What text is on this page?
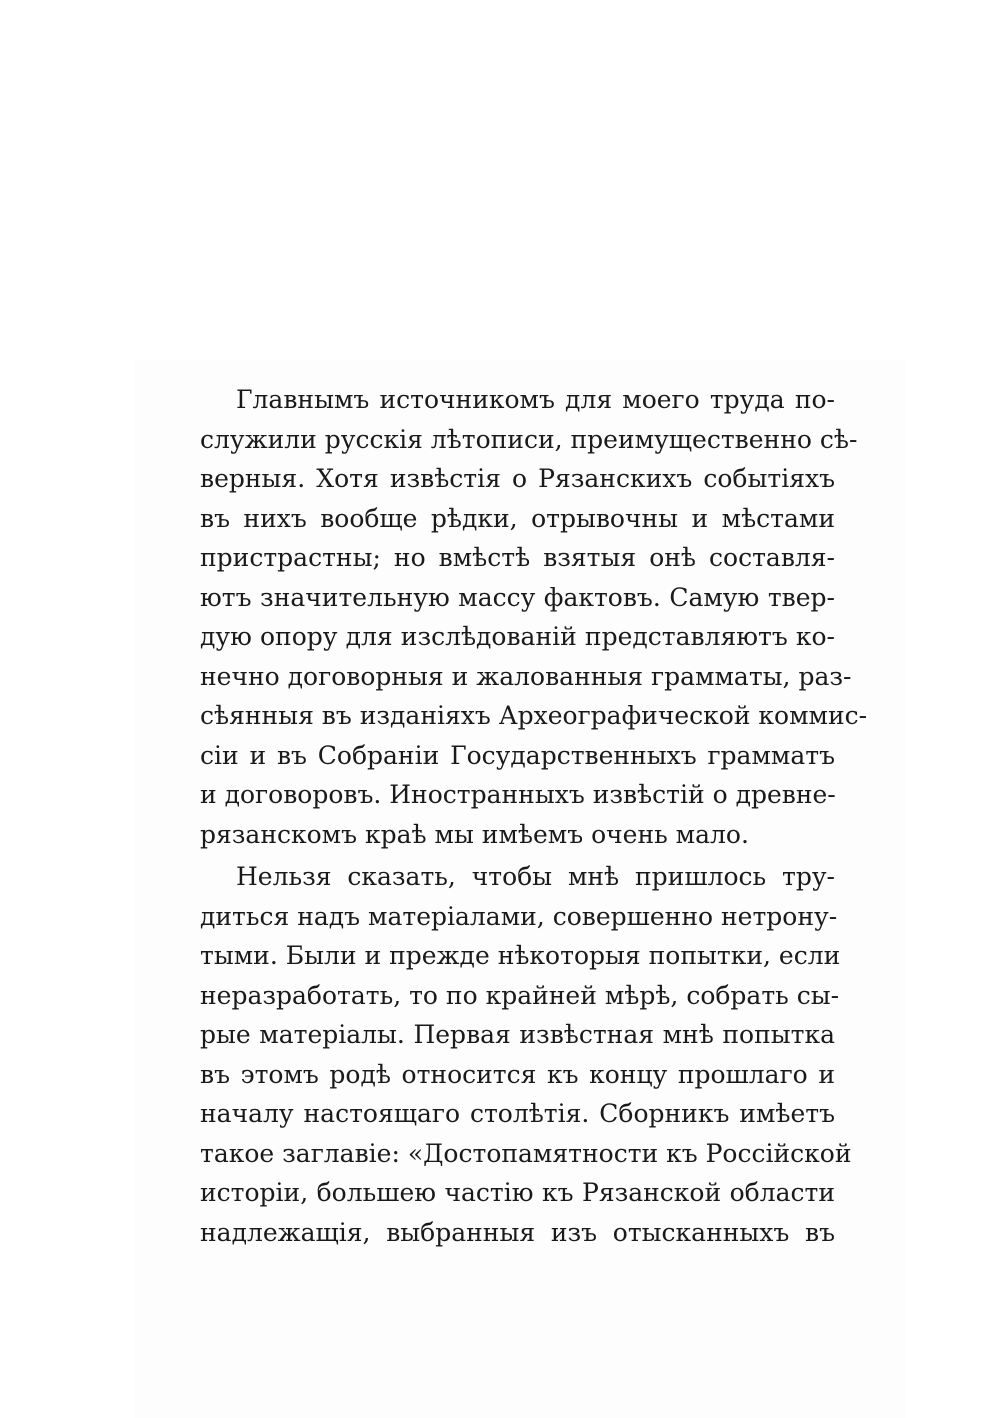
Главнымъ источникомъ для моего труда по-
служили русскія лѣтописи, преимущественно сѣ-
верныя. Хотя извѣстія о Рязанскихъ событіяхъ
въ нихъ вообще рѣдки, отрывочны и мѣстами
пристрастны; но вмѣстѣ взятыя онѣ составля-
ютъ значительную массу фактовъ. Самую твер-
дую опору для изслѣдованій представляютъ ко-
нечно договорныя и жалованныя грамматы, раз-
сѣянныя въ изданіяхъ Археографической коммис-
сіи и въ Собраніи Государственныхъ грамматъ
и договоровъ. Иностранныхъ извѣстій о древне-
рязанскомъ краѣ мы имѣемъ очень мало.

Нельзя сказать, чтобы мнѣ пришлось тру-
диться надъ матеріалами, совершенно нетрону-
тыми. Были и прежде нѣкоторыя попытки, если
неразработать, то по крайней мѣрѣ, собрать сы-
рые матеріалы. Первая извѣстная мнѣ попытка
въ этомъ родѣ относится къ концу прошлаго и
началу настоящаго столѣтія. Сборникъ имѣетъ
такое заглавіе: «Достопамятности къ Россійской
исторіи, большею частію къ Рязанской области
надлежащія, выбранныя изъ отысканныхъ въ
